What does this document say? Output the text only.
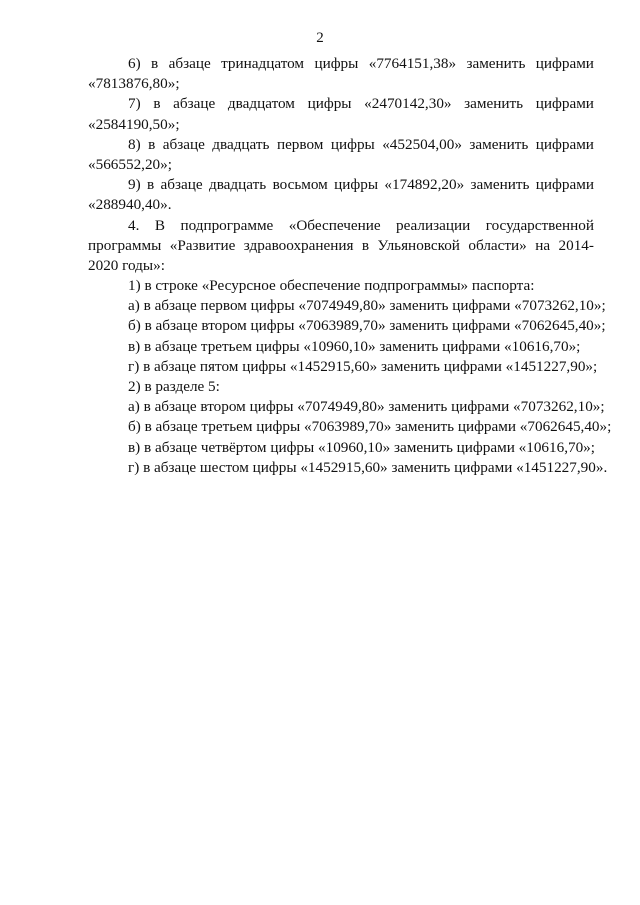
2
6) в абзаце тринадцатом цифры «7764151,38» заменить цифрами
«7813876,80»;
7) в абзаце двадцатом цифры «2470142,30» заменить цифрами
«2584190,50»;
8) в абзаце двадцать первом цифры «452504,00» заменить цифрами
«566552,20»;
9) в абзаце двадцать восьмом цифры «174892,20» заменить цифрами
«288940,40».
4. В подпрограмме «Обеспечение реализации государственной
программы «Развитие здравоохранения в Ульяновской области» на 2014-
2020 годы»:
1) в строке «Ресурсное обеспечение подпрограммы» паспорта:
а) в абзаце первом цифры «7074949,80» заменить цифрами «7073262,10»;
б) в абзаце втором цифры «7063989,70» заменить цифрами «7062645,40»;
в) в абзаце третьем цифры «10960,10» заменить цифрами «10616,70»;
г) в абзаце пятом цифры «1452915,60» заменить цифрами «1451227,90»;
2) в разделе 5:
а) в абзаце втором цифры «7074949,80» заменить цифрами «7073262,10»;
б) в абзаце третьем цифры «7063989,70» заменить цифрами «7062645,40»;
в) в абзаце четвёртом цифры «10960,10» заменить цифрами «10616,70»;
г) в абзаце шестом цифры «1452915,60» заменить цифрами «1451227,90».
